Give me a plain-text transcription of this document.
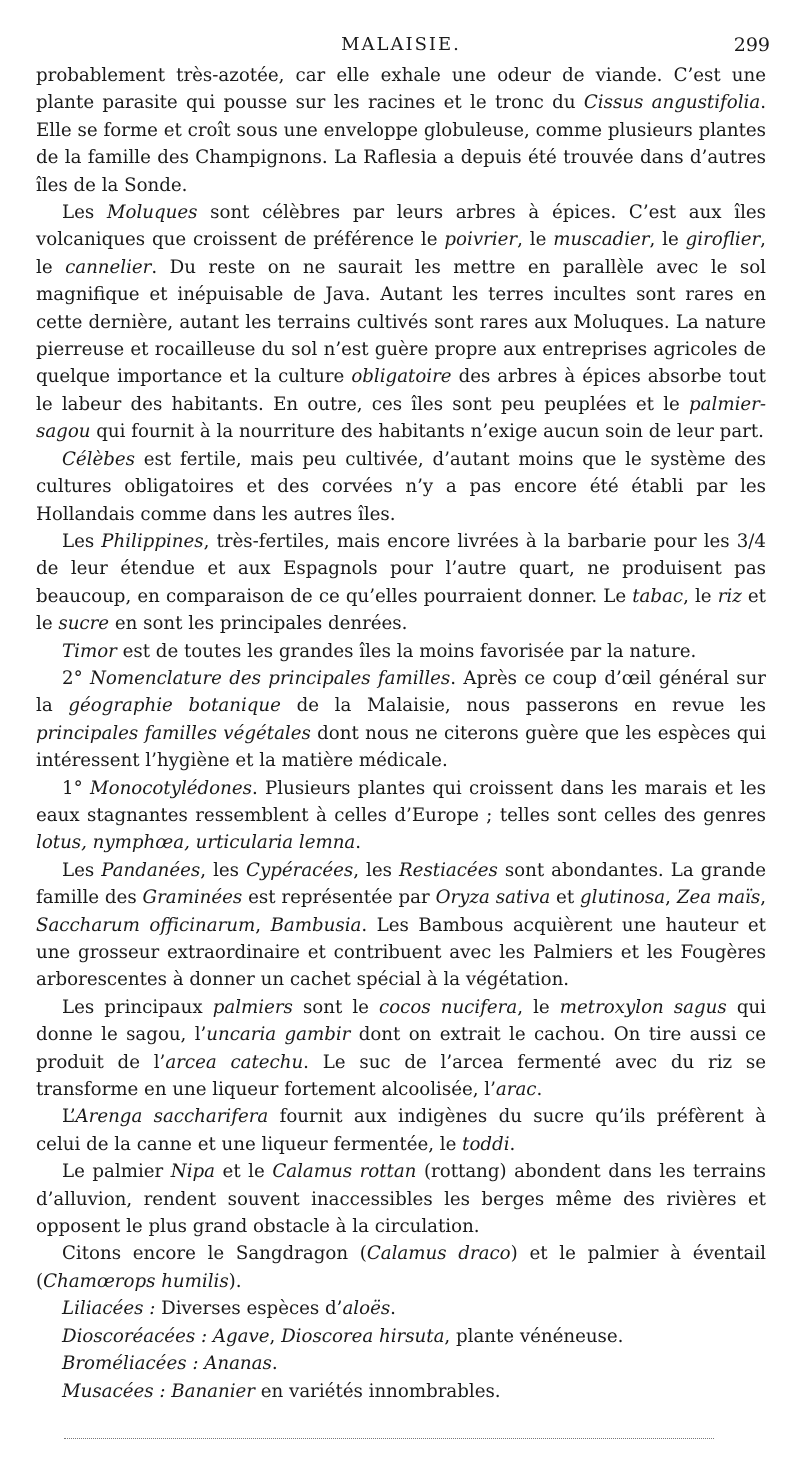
MALAISIE.	299

probablement très-azotée, car elle exhale une odeur de viande. C’est une plante parasite qui pousse sur les racines et le tronc du Cissus angustifolia. Elle se forme et croît sous une enveloppe globuleuse, comme plusieurs plantes de la famille des Champignons. La Raflesia a depuis été trouvée dans d’autres îles de la Sonde.

Les Moluques sont célèbres par leurs arbres à épices. C’est aux îles volcaniques que croissent de préférence le poivrier, le muscadier, le giroflier, le cannelier. Du reste on ne saurait les mettre en parallèle avec le sol magnifique et inépuisable de Java. Autant les terres incultes sont rares en cette dernière, autant les terrains cultivés sont rares aux Moluques. La nature pierreuse et rocailleuse du sol n’est guère propre aux entreprises agricoles de quelque importance et la culture obligatoire des arbres à épices absorbe tout le labeur des habitants. En outre, ces îles sont peu peuplées et le palmier-sagou qui fournit à la nourriture des habitants n’exige aucun soin de leur part.

Célèbes est fertile, mais peu cultivée, d’autant moins que le système des cultures obligatoires et des corvées n’y a pas encore été établi par les Hollandais comme dans les autres îles.

Les Philippines, très-fertiles, mais encore livrées à la barbarie pour les 3/4 de leur étendue et aux Espagnols pour l’autre quart, ne produisent pas beaucoup, en comparaison de ce qu’elles pourraient donner. Le tabac, le riz et le sucre en sont les principales denrées.

Timor est de toutes les grandes îles la moins favorisée par la nature.

2° Nomenclature des principales familles. Après ce coup d’œil général sur la géographie botanique de la Malaisie, nous passerons en revue les principales familles végétales dont nous ne citerons guère que les espèces qui intéressent l’hygiène et la matière médicale.

1° Monocotylédones. Plusieurs plantes qui croissent dans les marais et les eaux stagnantes ressemblent à celles d’Europe ; telles sont celles des genres lotus, nymphœa, urticularia lemna.

Les Pandanées, les Cypéracées, les Restiacées sont abondantes. La grande famille des Graminées est représentée par Oryza sativa et glutinosa, Zea maïs, Saccharum officinarum, Bambusia. Les Bambous acquièrent une hauteur et une grosseur extraordinaire et contribuent avec les Palmiers et les Fougères arborescentes à donner un cachet spécial à la végétation.

Les principaux palmiers sont le cocos nucifera, le metroxylon sagus qui donne le sagou, l’uncaria gambir dont on extrait le cachou. On tire aussi ce produit de l’arcea catechu. Le suc de l’arcea fermenté avec du riz se transforme en une liqueur fortement alcoolisée, l’arac.

L’Arenga saccharifera fournit aux indigènes du sucre qu’ils préfèrent à celui de la canne et une liqueur fermentée, le toddi.

Le palmier Nipa et le Calamus rottan (rottang) abondent dans les terrains d’alluvion, rendent souvent inaccessibles les berges même des rivières et opposent le plus grand obstacle à la circulation.

Citons encore le Sangdragon (Calamus draco) et le palmier à éventail (Chamœrops humilis).

Liliacées : Diverses espèces d’aloës.

Dioscoréacées : Agave, Dioscorea hirsuta, plante vénéneuse.

Broméliacées : Ananas.

Musacées : Bananier en variétés innombrables.
